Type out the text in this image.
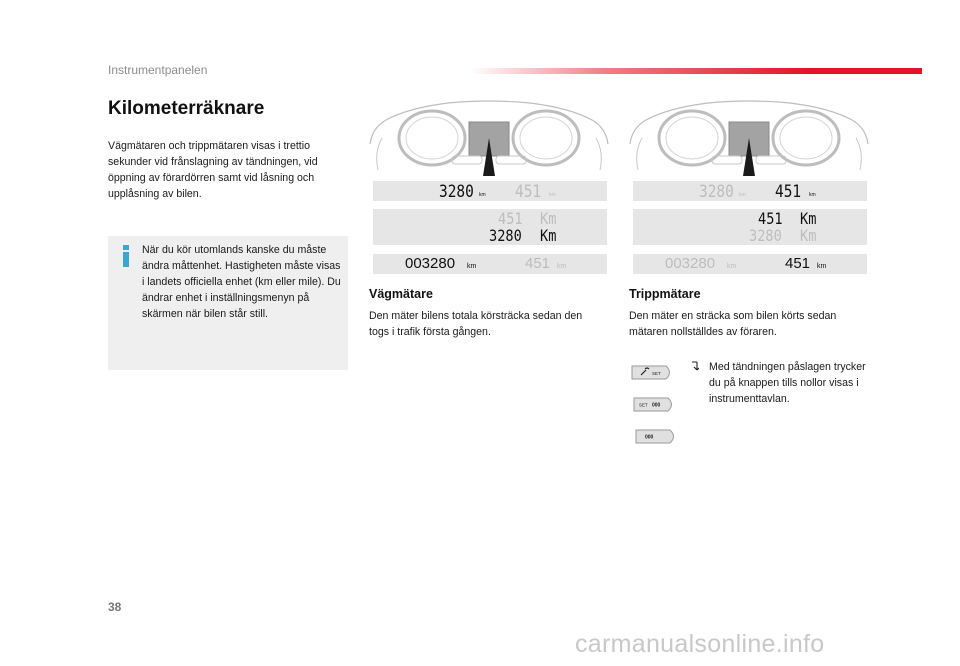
Instrumentpanelen
Kilometerräknare

Vägmätaren och trippmätaren visas i trettio sekunder vid frånslagning av tändningen, vid öppning av förardörren samt vid låsning och upplåsning av bilen.

När du kör utomlands kanske du måste ändra måttenhet. Hastigheten måste visas i landets officiella enhet (km eller mile). Du ändrar enhet i inställningsmenyn på skärmen när bilen står still.

3280 km 451 km
451 Km
3280 Km
003280 km	451 km
3280 km 451 km
451 Km
3280 Km
003280 km	451 km
Vägmätare

Den mäter bilens totala körsträcka sedan den togs i trafik första gången.

Trippmätare

Den mäter en sträcka som bilen körts sedan mätaren nollställdes av föraren.

SET
SET 000
000

Med tändningen påslagen trycker du på knappen tills nollor visas i instrumenttavlan.

38
carmanualsonline.info
